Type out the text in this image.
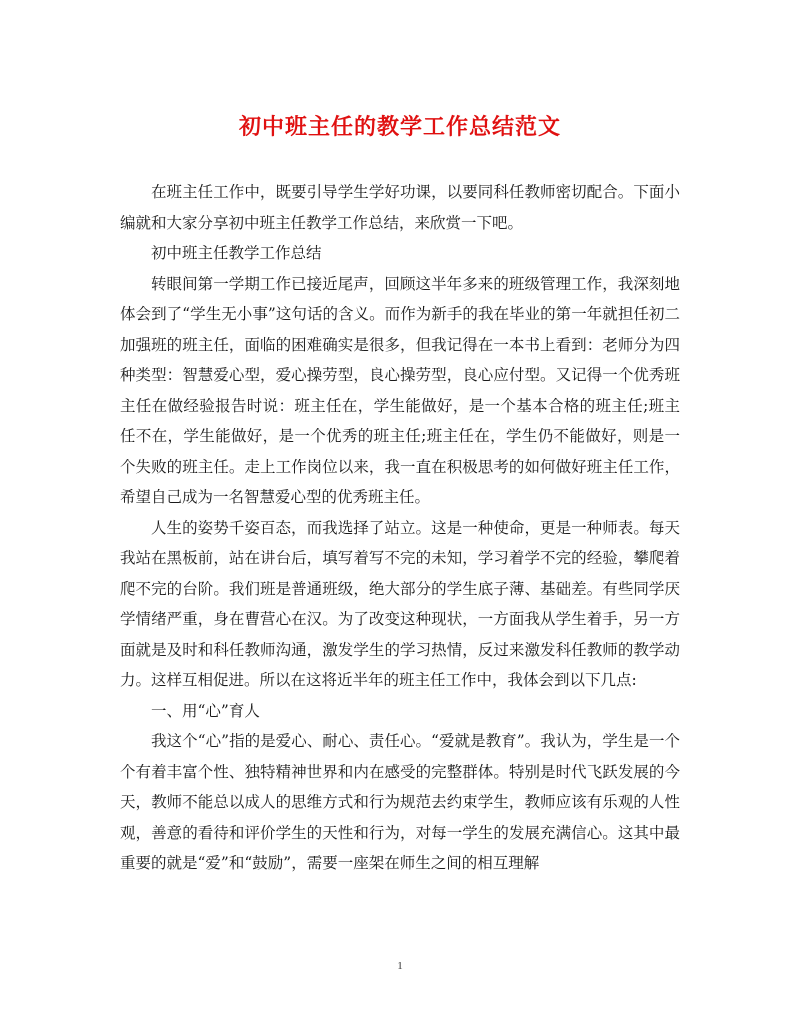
初中班主任的教学工作总结范文

在班主任工作中，既要引导学生学好功课，以要同科任教师密切配合。下面小编就和大家分享初中班主任教学工作总结，来欣赏一下吧。

初中班主任教学工作总结

转眼间第一学期工作已接近尾声，回顾这半年多来的班级管理工作，我深刻地体会到了“学生无小事”这句话的含义。而作为新手的我在毕业的第一年就担任初二加强班的班主任，面临的困难确实是很多，但我记得在一本书上看到：老师分为四种类型：智慧爱心型，爱心操劳型，良心操劳型，良心应付型。又记得一个优秀班主任在做经验报告时说：班主任在，学生能做好，是一个基本合格的班主任;班主任不在，学生能做好，是一个优秀的班主任;班主任在，学生仍不能做好，则是一个失败的班主任。走上工作岗位以来，我一直在积极思考的如何做好班主任工作，希望自己成为一名智慧爱心型的优秀班主任。

人生的姿势千姿百态，而我选择了站立。这是一种使命，更是一种师表。每天我站在黑板前，站在讲台后，填写着写不完的未知，学习着学不完的经验，攀爬着爬不完的台阶。我们班是普通班级，绝大部分的学生底子薄、基础差。有些同学厌学情绪严重，身在曹营心在汉。为了改变这种现状，一方面我从学生着手，另一方面就是及时和科任教师沟通，激发学生的学习热情，反过来激发科任教师的教学动力。这样互相促进。所以在这将近半年的班主任工作中，我体会到以下几点:

一、用“心”育人

我这个“心”指的是爱心、耐心、责任心。“爱就是教育”。我认为，学生是一个个有着丰富个性、独特精神世界和内在感受的完整群体。特别是时代飞跃发展的今天，教师不能总以成人的思维方式和行为规范去约束学生，教师应该有乐观的人性观，善意的看待和评价学生的天性和行为，对每一学生的发展充满信心。这其中最重要的就是“爱”和“鼓励”，需要一座架在师生之间的相互理解

1
